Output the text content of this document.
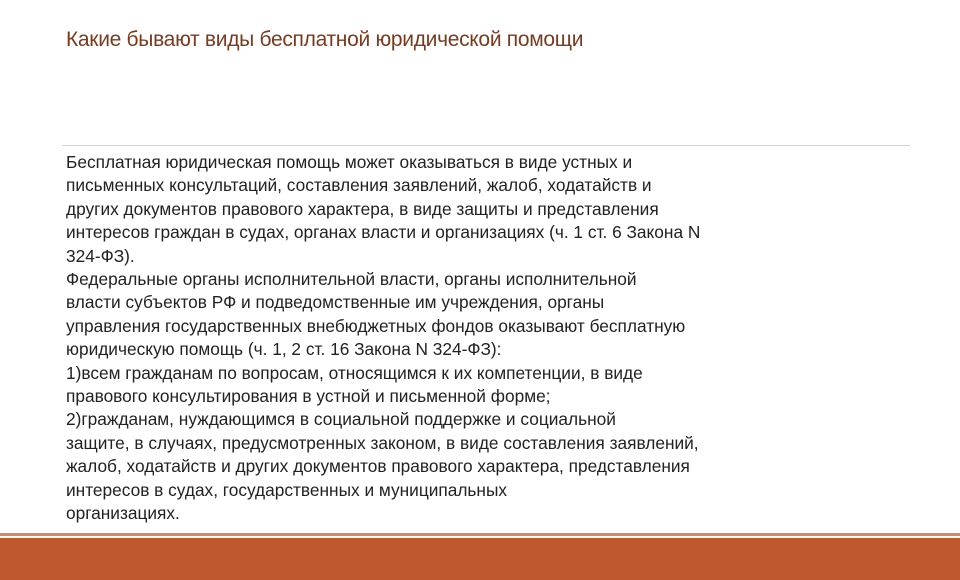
Какие бывают виды бесплатной юридической помощи

Бесплатная юридическая помощь может оказываться в виде устных и
письменных консультаций, составления заявлений, жалоб, ходатайств и
других документов правового характера, в виде защиты и представления
интересов граждан в судах, органах власти и организациях (ч. 1 ст. 6 Закона N
324-ФЗ).

Федеральные органы исполнительной власти, органы исполнительной
власти субъектов РФ и подведомственные им учреждения, органы
управления государственных внебюджетных фондов оказывают бесплатную
юридическую помощь (ч. 1, 2 ст. 16 Закона N 324-ФЗ):

1)всем гражданам по вопросам, относящимся к их компетенции, в виде
правового консультирования в устной и письменной форме;

2)гражданам, нуждающимся в социальной поддержке и социальной
защите, в случаях, предусмотренных законом, в виде составления заявлений,
жалоб, ходатайств и других документов правового характера, представления
интересов в судах, государственных и муниципальных
организациях.
